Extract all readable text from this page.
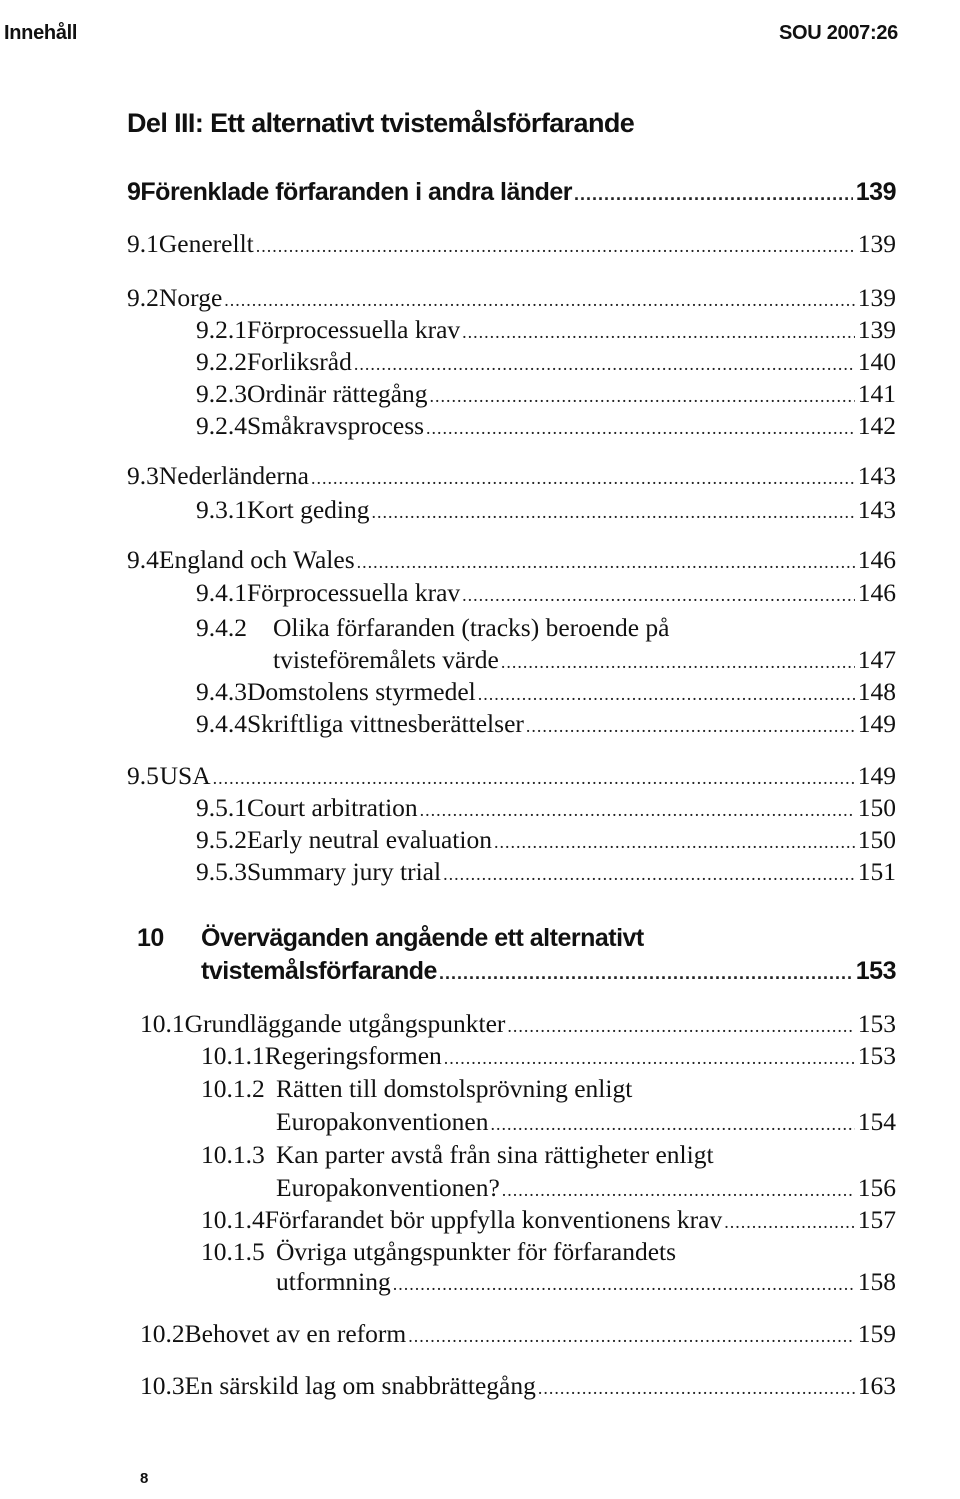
Innehåll	SOU 2007:26
Del III: Ett alternativt tvistemålsförfarande
9 Förenklade förfaranden i andra länder .....	139
9.1 Generellt .....	139
9.2 Norge .....	139
9.2.1 Förprocessuella krav .....	139
9.2.2 Forliksråd .....	140
9.2.3 Ordinär rättegång .....	141
9.2.4 Småkravsprocess .....	142
9.3 Nederländerna .....	143
9.3.1 Kort geding .....	143
9.4 England och Wales .....	146
9.4.1 Förprocessuella krav .....	146
9.4.2 Olika förfaranden (tracks) beroende på
tvisteföremålets värde .....	147
9.4.3 Domstolens styrmedel .....	148
9.4.4 Skriftliga vittnesberättelser .....	149
9.5 USA .....	149
9.5.1 Court arbitration .....	150
9.5.2 Early neutral evaluation .....	150
9.5.3 Summary jury trial .....	151
10 Överväganden angående ett alternativt
tvistemålsförfarande .....	153
10.1 Grundläggande utgångspunkter .....	153
10.1.1 Regeringsformen .....	153
10.1.2 Rätten till domstolsprövning enligt
Europakonventionen .....	154
10.1.3 Kan parter avstå från sina rättigheter enligt
Europakonventionen? .....	156
10.1.4 Förfarandet bör uppfylla konventionens krav .....	157
10.1.5 Övriga utgångspunkter för förfarandets
utformning .....	158
10.2 Behovet av en reform .....	159
10.3 En särskild lag om snabbrättegång .....	163
8
